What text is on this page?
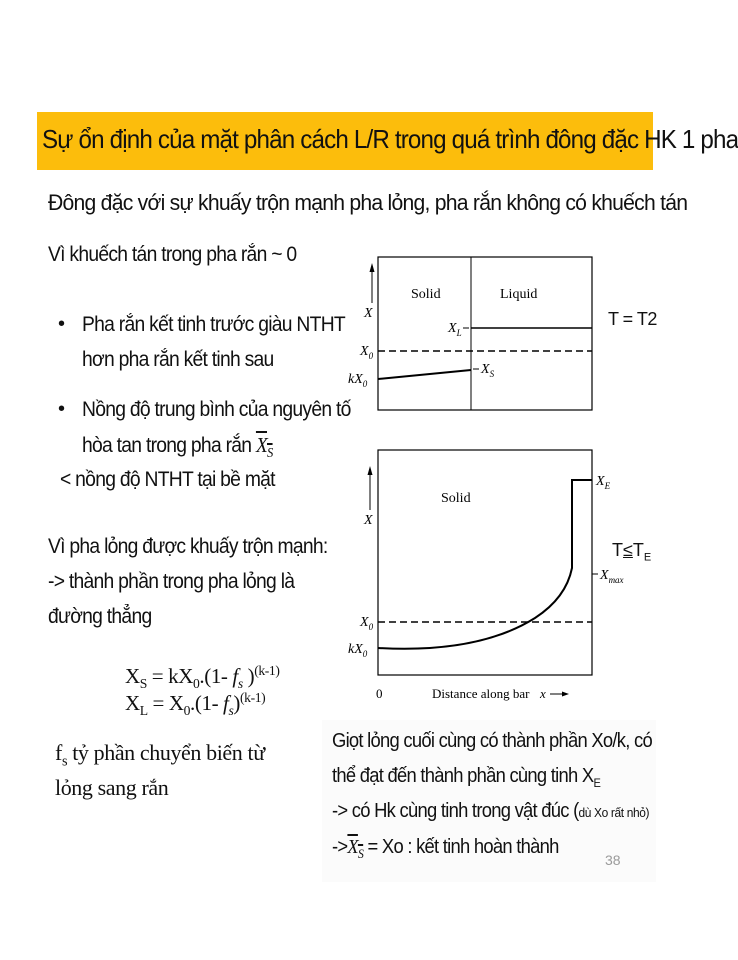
Sự ổn định của mặt phân cách L/R trong quá trình đông đặc HK 1 pha
Đông đặc với sự khuấy trộn mạnh pha lỏng, pha rắn không có khuếch tán
Vì khuếch tán trong pha rắn ~ 0
• Pha rắn kết tinh trước giàu NTHT
hơn pha rắn kết tinh sau
• Nồng độ trung bình của nguyên tố
hòa tan trong pha rắn $X_S$
< nồng độ NTHT tại bề mặt
Vì pha lỏng được khuấy trộn mạnh:
-> thành phần trong pha lỏng là
đường thẳng
$X_S = kX_0.(1-$ $f_s$ )$^{(k-1)}$
$X_L = X_0.(1-$ $f_s)^{(k-1)}$
$f_s$ tỷ phần chuyển biến từ
lỏng sang rắn
Solid	Liquid
X
$X_L$
$X_0$
$kX_0$
$X_S$
T = T2
Solid
X
$X_E$
$X_{max}$
$X_0$
$kX_0$
0	Distance along bar x
$T\le T_E$
Giọt lỏng cuối cùng có thành phần Xo/k, có
thể đạt đến thành phần cùng tinh $X_E$
-> có Hk cùng tinh trong vật đúc (dù Xo rất nhỏ)
$->X_S = Xo$ : kết tinh hoàn thành
38
